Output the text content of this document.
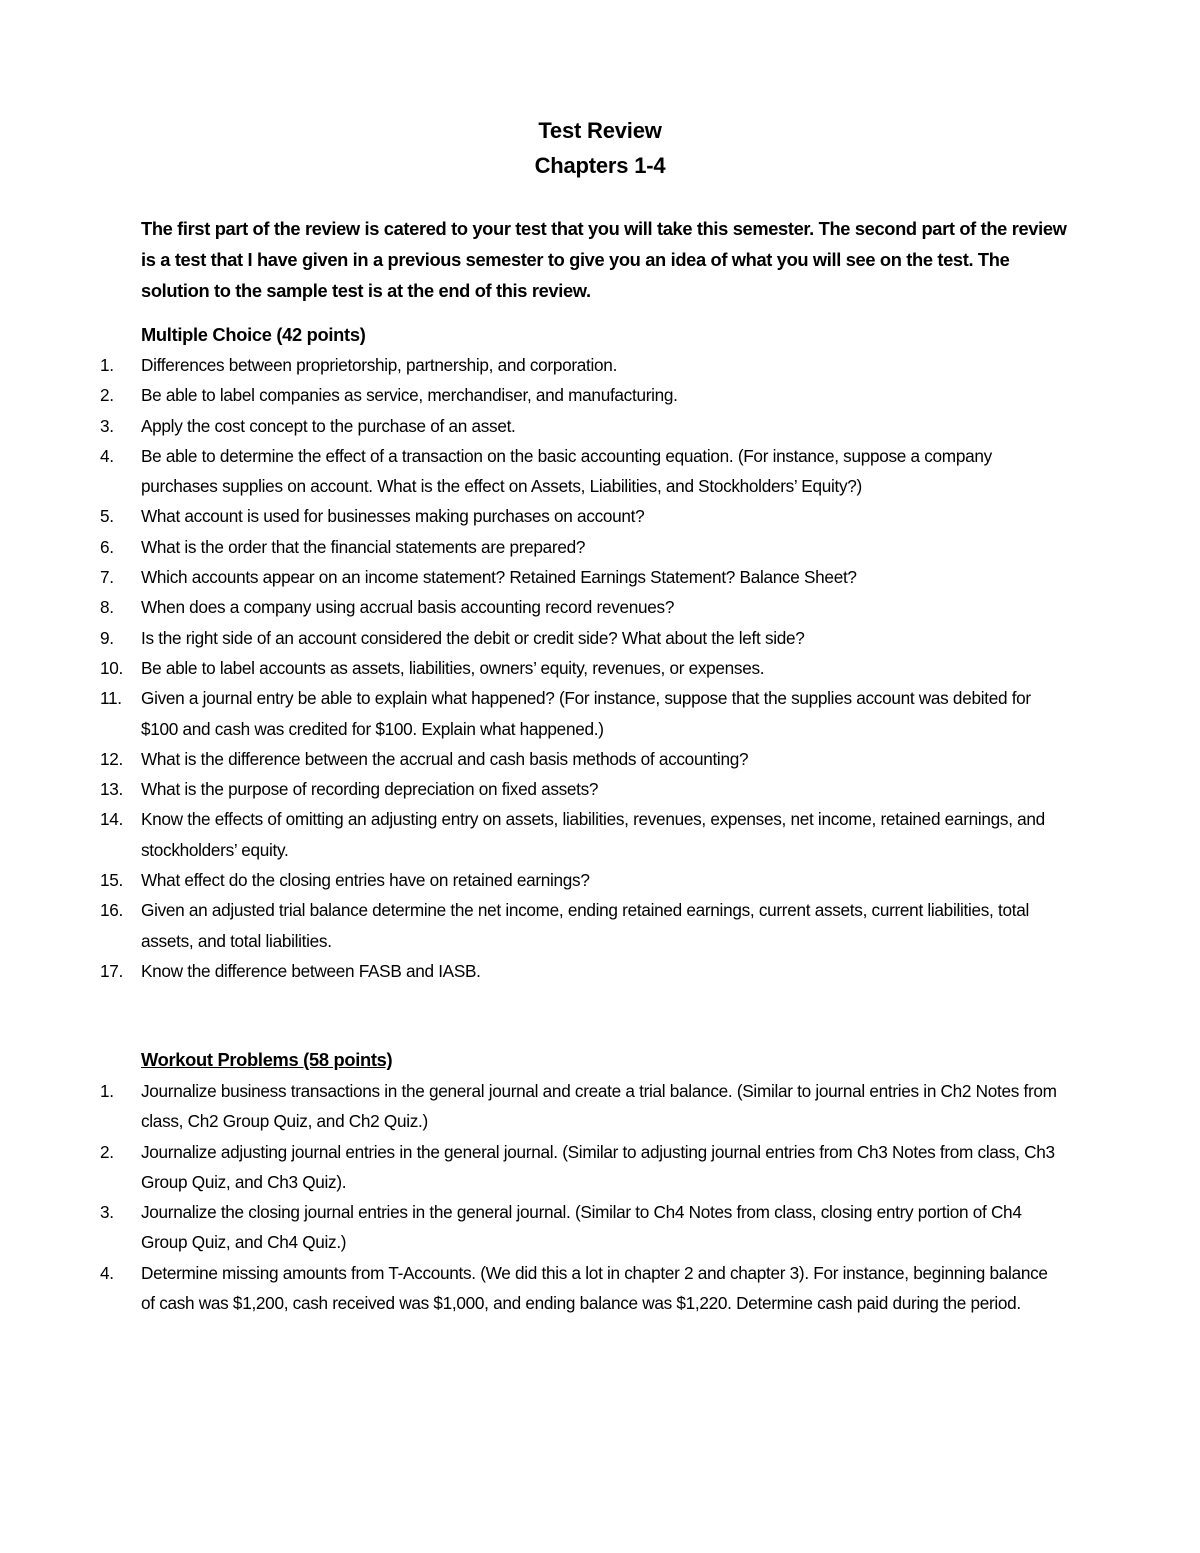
Test Review
Chapters 1-4
The first part of the review is catered to your test that you will take this semester. The second part of the review is a test that I have given in a previous semester to give you an idea of what you will see on the test. The solution to the sample test is at the end of this review.
Multiple Choice (42 points)
1.	Differences between proprietorship, partnership, and corporation.
2.	Be able to label companies as service, merchandiser, and manufacturing.
3.	Apply the cost concept to the purchase of an asset.
4.	Be able to determine the effect of a transaction on the basic accounting equation. (For instance, suppose a company purchases supplies on account. What is the effect on Assets, Liabilities, and Stockholders’ Equity?)
5.	What account is used for businesses making purchases on account?
6.	What is the order that the financial statements are prepared?
7.	Which accounts appear on an income statement? Retained Earnings Statement? Balance Sheet?
8.	When does a company using accrual basis accounting record revenues?
9.	Is the right side of an account considered the debit or credit side? What about the left side?
10.	Be able to label accounts as assets, liabilities, owners’ equity, revenues, or expenses.
11.	Given a journal entry be able to explain what happened? (For instance, suppose that the supplies account was debited for $100 and cash was credited for $100. Explain what happened.)
12.	What is the difference between the accrual and cash basis methods of accounting?
13.	What is the purpose of recording depreciation on fixed assets?
14.	Know the effects of omitting an adjusting entry on assets, liabilities, revenues, expenses, net income, retained earnings, and stockholders’ equity.
15.	What effect do the closing entries have on retained earnings?
16.	Given an adjusted trial balance determine the net income, ending retained earnings, current assets, current liabilities, total assets, and total liabilities.
17.	Know the difference between FASB and IASB.
Workout Problems (58 points)
1.	Journalize business transactions in the general journal and create a trial balance. (Similar to journal entries in Ch2 Notes from class, Ch2 Group Quiz, and Ch2 Quiz.)
2.	Journalize adjusting journal entries in the general journal. (Similar to adjusting journal entries from Ch3 Notes from class, Ch3 Group Quiz, and Ch3 Quiz).
3.	Journalize the closing journal entries in the general journal. (Similar to Ch4 Notes from class, closing entry portion of Ch4 Group Quiz, and Ch4 Quiz.)
4.	Determine missing amounts from T-Accounts. (We did this a lot in chapter 2 and chapter 3). For instance, beginning balance of cash was $1,200, cash received was $1,000, and ending balance was $1,220. Determine cash paid during the period.
